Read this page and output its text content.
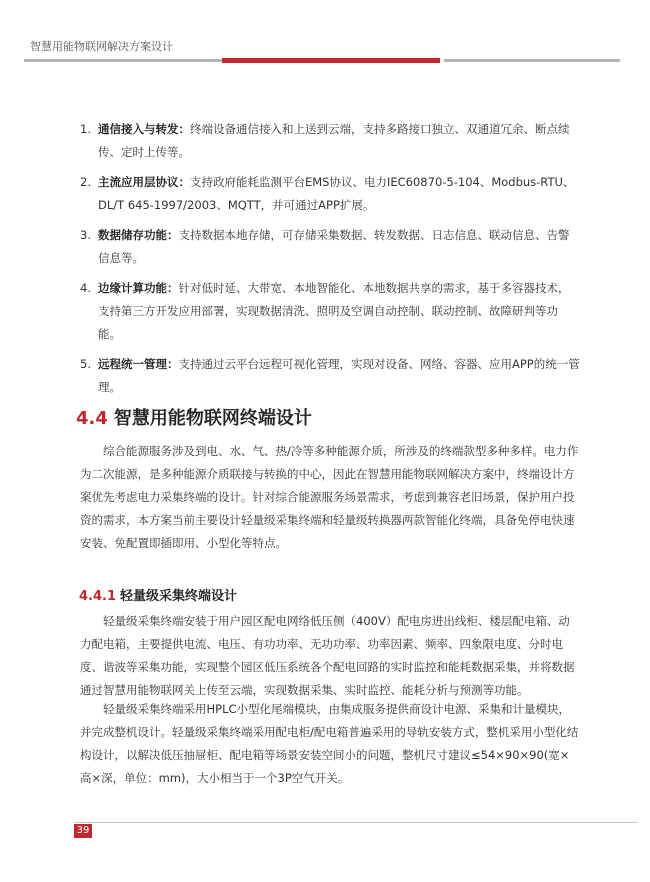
智慧用能物联网解决方案设计
1. 通信接入与转发：终端设备通信接入和上送到云端，支持多路接口独立、双通道冗余、断点续传、定时上传等。
2. 主流应用层协议：支持政府能耗监测平台EMS协议、电力IEC60870-5-104、Modbus-RTU、DL/T 645-1997/2003、MQTT，并可通过APP扩展。
3. 数据储存功能：支持数据本地存储，可存储采集数据、转发数据、日志信息、联动信息、告警信息等。
4. 边缘计算功能：针对低时延、大带宽、本地智能化、本地数据共享的需求，基于多容器技术，支持第三方开发应用部署，实现数据清洗、照明及空调自动控制、联动控制、故障研判等功能。
5. 远程统一管理：支持通过云平台远程可视化管理，实现对设备、网络、容器、应用APP的统一管理。
4.4 智慧用能物联网终端设计

综合能源服务涉及到电、水、气、热/冷等多种能源介质，所涉及的终端款型多种多样。电力作为二次能源，是多种能源介质联接与转换的中心，因此在智慧用能物联网解决方案中，终端设计方案优先考虑电力采集终端的设计。针对综合能源服务场景需求，考虑到兼容老旧场景，保护用户投资的需求，本方案当前主要设计轻量级采集终端和轻量级转换器两款智能化终端，具备免停电快速安装、免配置即插即用、小型化等特点。

4.4.1 轻量级采集终端设计

轻量级采集终端安装于用户园区配电网络低压侧（400V）配电房进出线柜、楼层配电箱、动力配电箱，主要提供电流、电压、有功功率、无功功率、功率因素、频率、四象限电度、分时电度、谐波等采集功能，实现整个园区低压系统各个配电回路的实时监控和能耗数据采集，并将数据通过智慧用能物联网关上传至云端，实现数据采集、实时监控、能耗分析与预测等功能。

轻量级采集终端采用HPLC小型化尾端模块，由集成服务提供商设计电源、采集和计量模块，并完成整机设计。轻量级采集终端采用配电柜/配电箱普遍采用的导轨安装方式，整机采用小型化结构设计，以解决低压抽屉柜、配电箱等场景安装空间小的问题，整机尺寸建议≤54×90×90(宽×高×深，单位：mm)，大小相当于一个3P空气开关。

39
